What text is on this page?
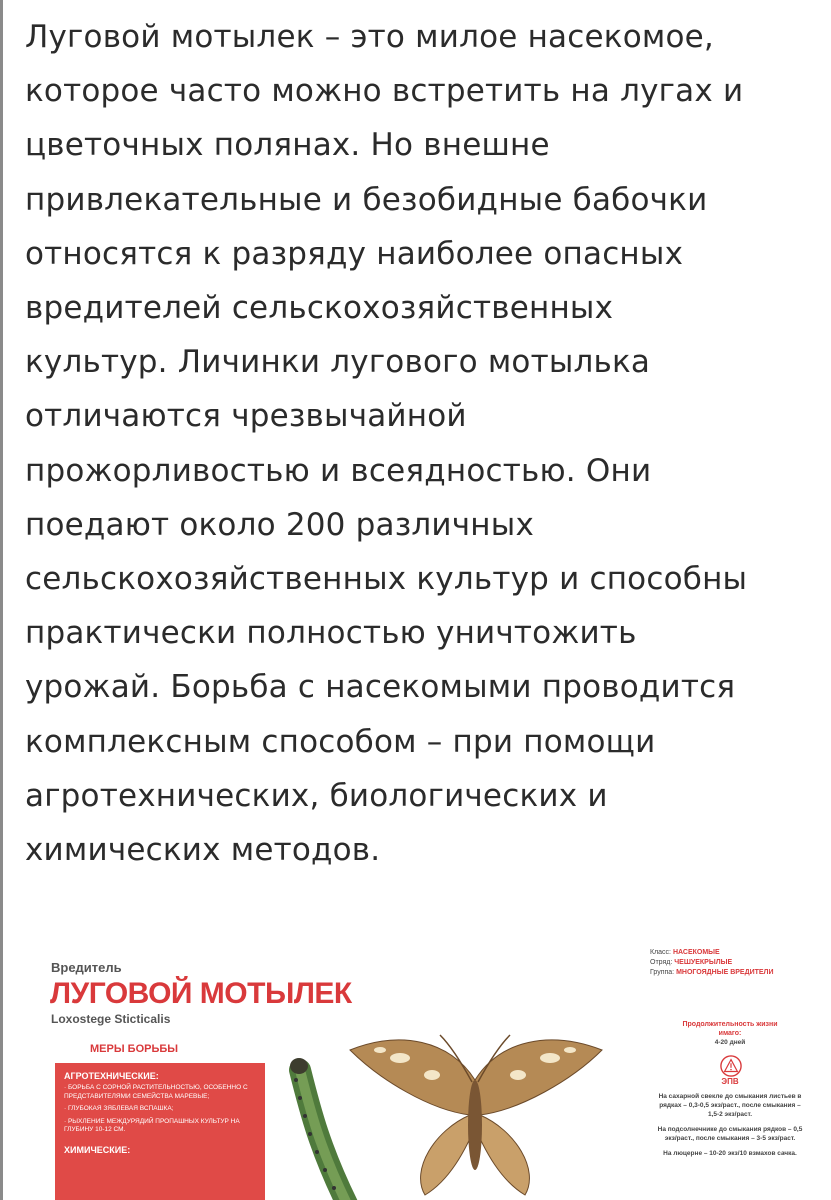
Луговой мотылек – это милое насекомое,
которое часто можно встретить на лугах и
цветочных полянах. Но внешне
привлекательные и безобидные бабочки
относятся к разряду наиболее опасных
вредителей сельскохозяйственных
культур. Личинки лугового мотылька
отличаются чрезвычайной
прожорливостью и всеядностью. Они
поедают около 200 различных
сельскохозяйственных культур и способны
практически полностью уничтожить
урожай. Борьба с насекомыми проводится
комплексным способом – при помощи
агротехнических, биологических и
химических методов.
Вредитель
ЛУГОВОЙ МОТЫЛЕК
Loxostege Sticticalis
МЕРЫ БОРЬБЫ
АГРОТЕХНИЧЕСКИЕ:
· БОРЬБА С СОРНОЙ РАСТИТЕЛЬНОСТЬЮ, ОСОБЕННО С ПРЕДСТАВИТЕЛЯМИ СЕМЕЙСТВА МАРЕВЫЕ;
· ГЛУБОКАЯ ЗЯБЛЕВАЯ ВСПАШКА;
· РЫХЛЕНИЕ МЕЖДУРЯДИЙ ПРОПАШНЫХ КУЛЬТУР НА ГЛУБИНУ 10-12 СМ.
ХИМИЧЕСКИЕ:
Класс: НАСЕКОМЫЕ
Отряд: ЧЕШУЕКРЫЛЫЕ
Группа: МНОГОЯДНЫЕ ВРЕДИТЕЛИ
Продолжительность жизни имаго:
4-20 дней
ЭПВ
На сахарной свекле до смыкания листьев в рядках – 0,3-0,5 экз/раст., после смыкания – 1,5-2 экз/раст.
На подсолнечнике до смыкания рядков – 0,5 экз/раст., после смыкания – 3-5 экз/раст.
На люцерне – 10-20 экз/10 взмахов сачка.
